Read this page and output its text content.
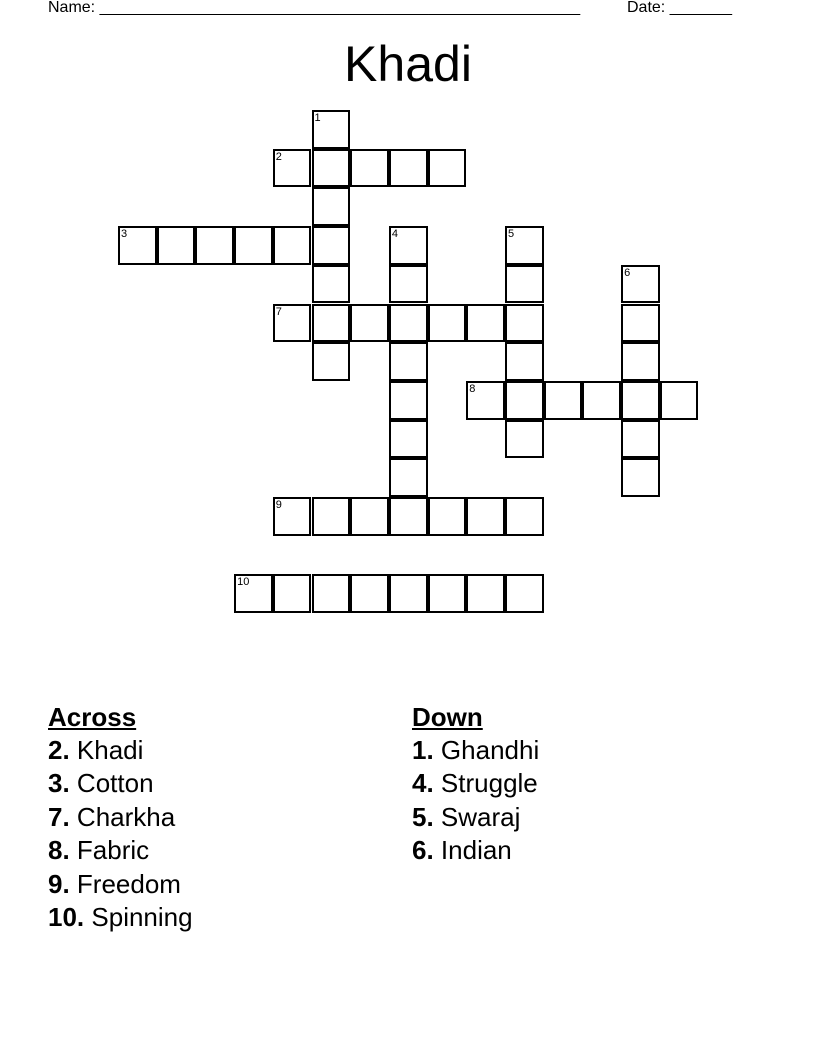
Name: ______________________________________________________	Date: _______
Khadi
1
2
3	4	5
6
7
8
9
10
Across
2. Khadi
3. Cotton
7. Charkha
8. Fabric
9. Freedom
10. Spinning
Down
1. Ghandhi
4. Struggle
5. Swaraj
6. Indian
